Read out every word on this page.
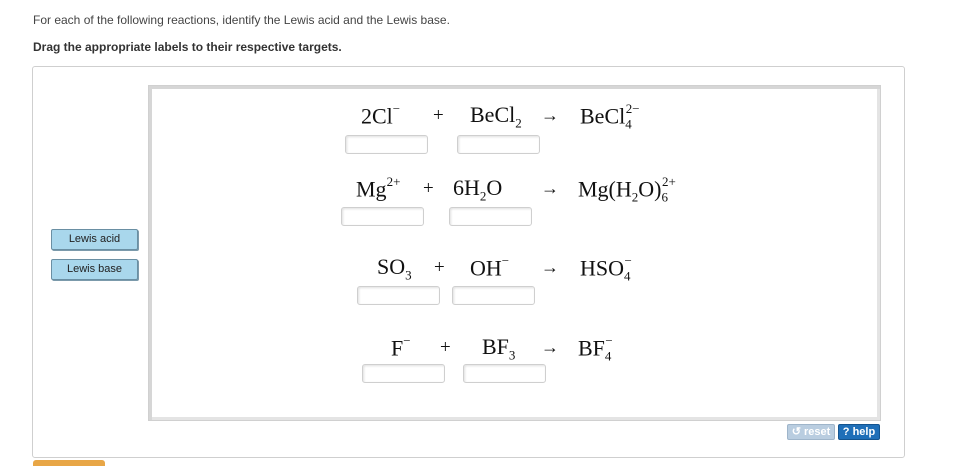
For each of the following reactions, identify the Lewis acid and the Lewis base.
Drag the appropriate labels to their respective targets.
Lewis acid
Lewis base
2Cl− + BeCl$_2$ → BeCl$_4^{2-}$
$Mg^{2+} + 6H_2O \to Mg(H_2O)_6^{2+}$
$SO_3 + OH^- \to HSO_4^-$
$F^- + BF_3 \to BF_4^-$
↺ reset	? help
